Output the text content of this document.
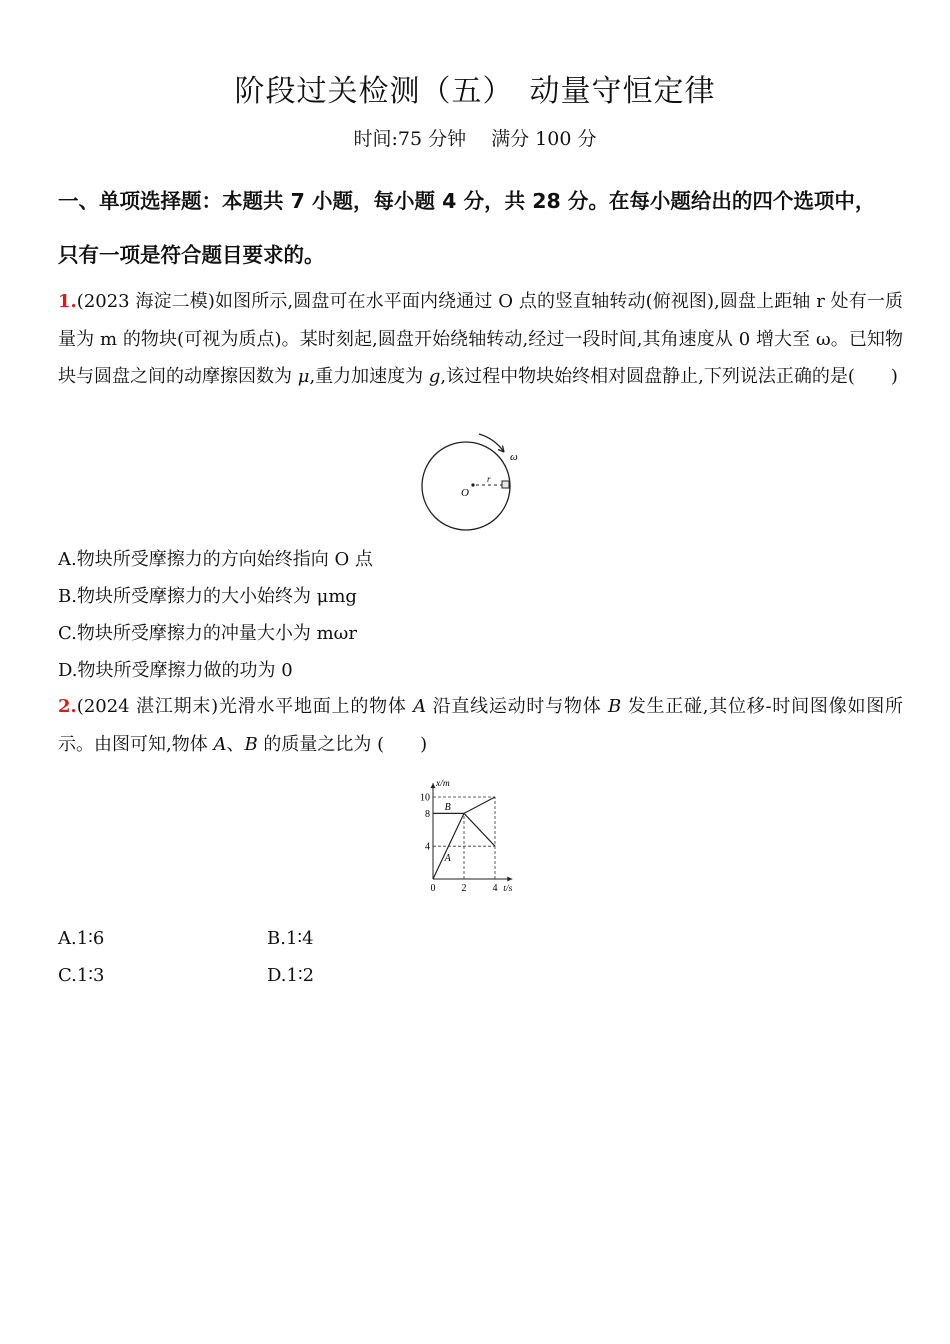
阶段过关检测（五）　动量守恒定律
时间:75 分钟　 满分 100 分
一、单项选择题：本题共 7 小题，每小题 4 分，共 28 分。在每小题给出的四个选项中，
只有一项是符合题目要求的。
1.(2023 海淀二模)如图所示,圆盘可在水平面内绕通过 O 点的竖直轴转动(俯视图),圆盘上距轴 r 处有一质量为 m 的物块(可视为质点)。某时刻起,圆盘开始绕轴转动,经过一段时间,其角速度从 0 增大至 ω。已知物块与圆盘之间的动摩擦因数为 μ,重力加速度为 g,该过程中物块始终相对圆盘静止,下列说法正确的是(　　)
O
r
ω
A.物块所受摩擦力的方向始终指向 O 点
B.物块所受摩擦力的大小始终为 μmg
C.物块所受摩擦力的冲量大小为 mωr
D.物块所受摩擦力做的功为 0
2.(2024 湛江期末)光滑水平地面上的物体 A 沿直线运动时与物体 B 发生正碰,其位移-时间图像如图所示。由图可知,物体 A、B 的质量之比为 (　　)
A
B
4
8
10
0	2	4
x/m
t/s
A.1∶6	B.1∶4
C.1∶3	D.1∶2
